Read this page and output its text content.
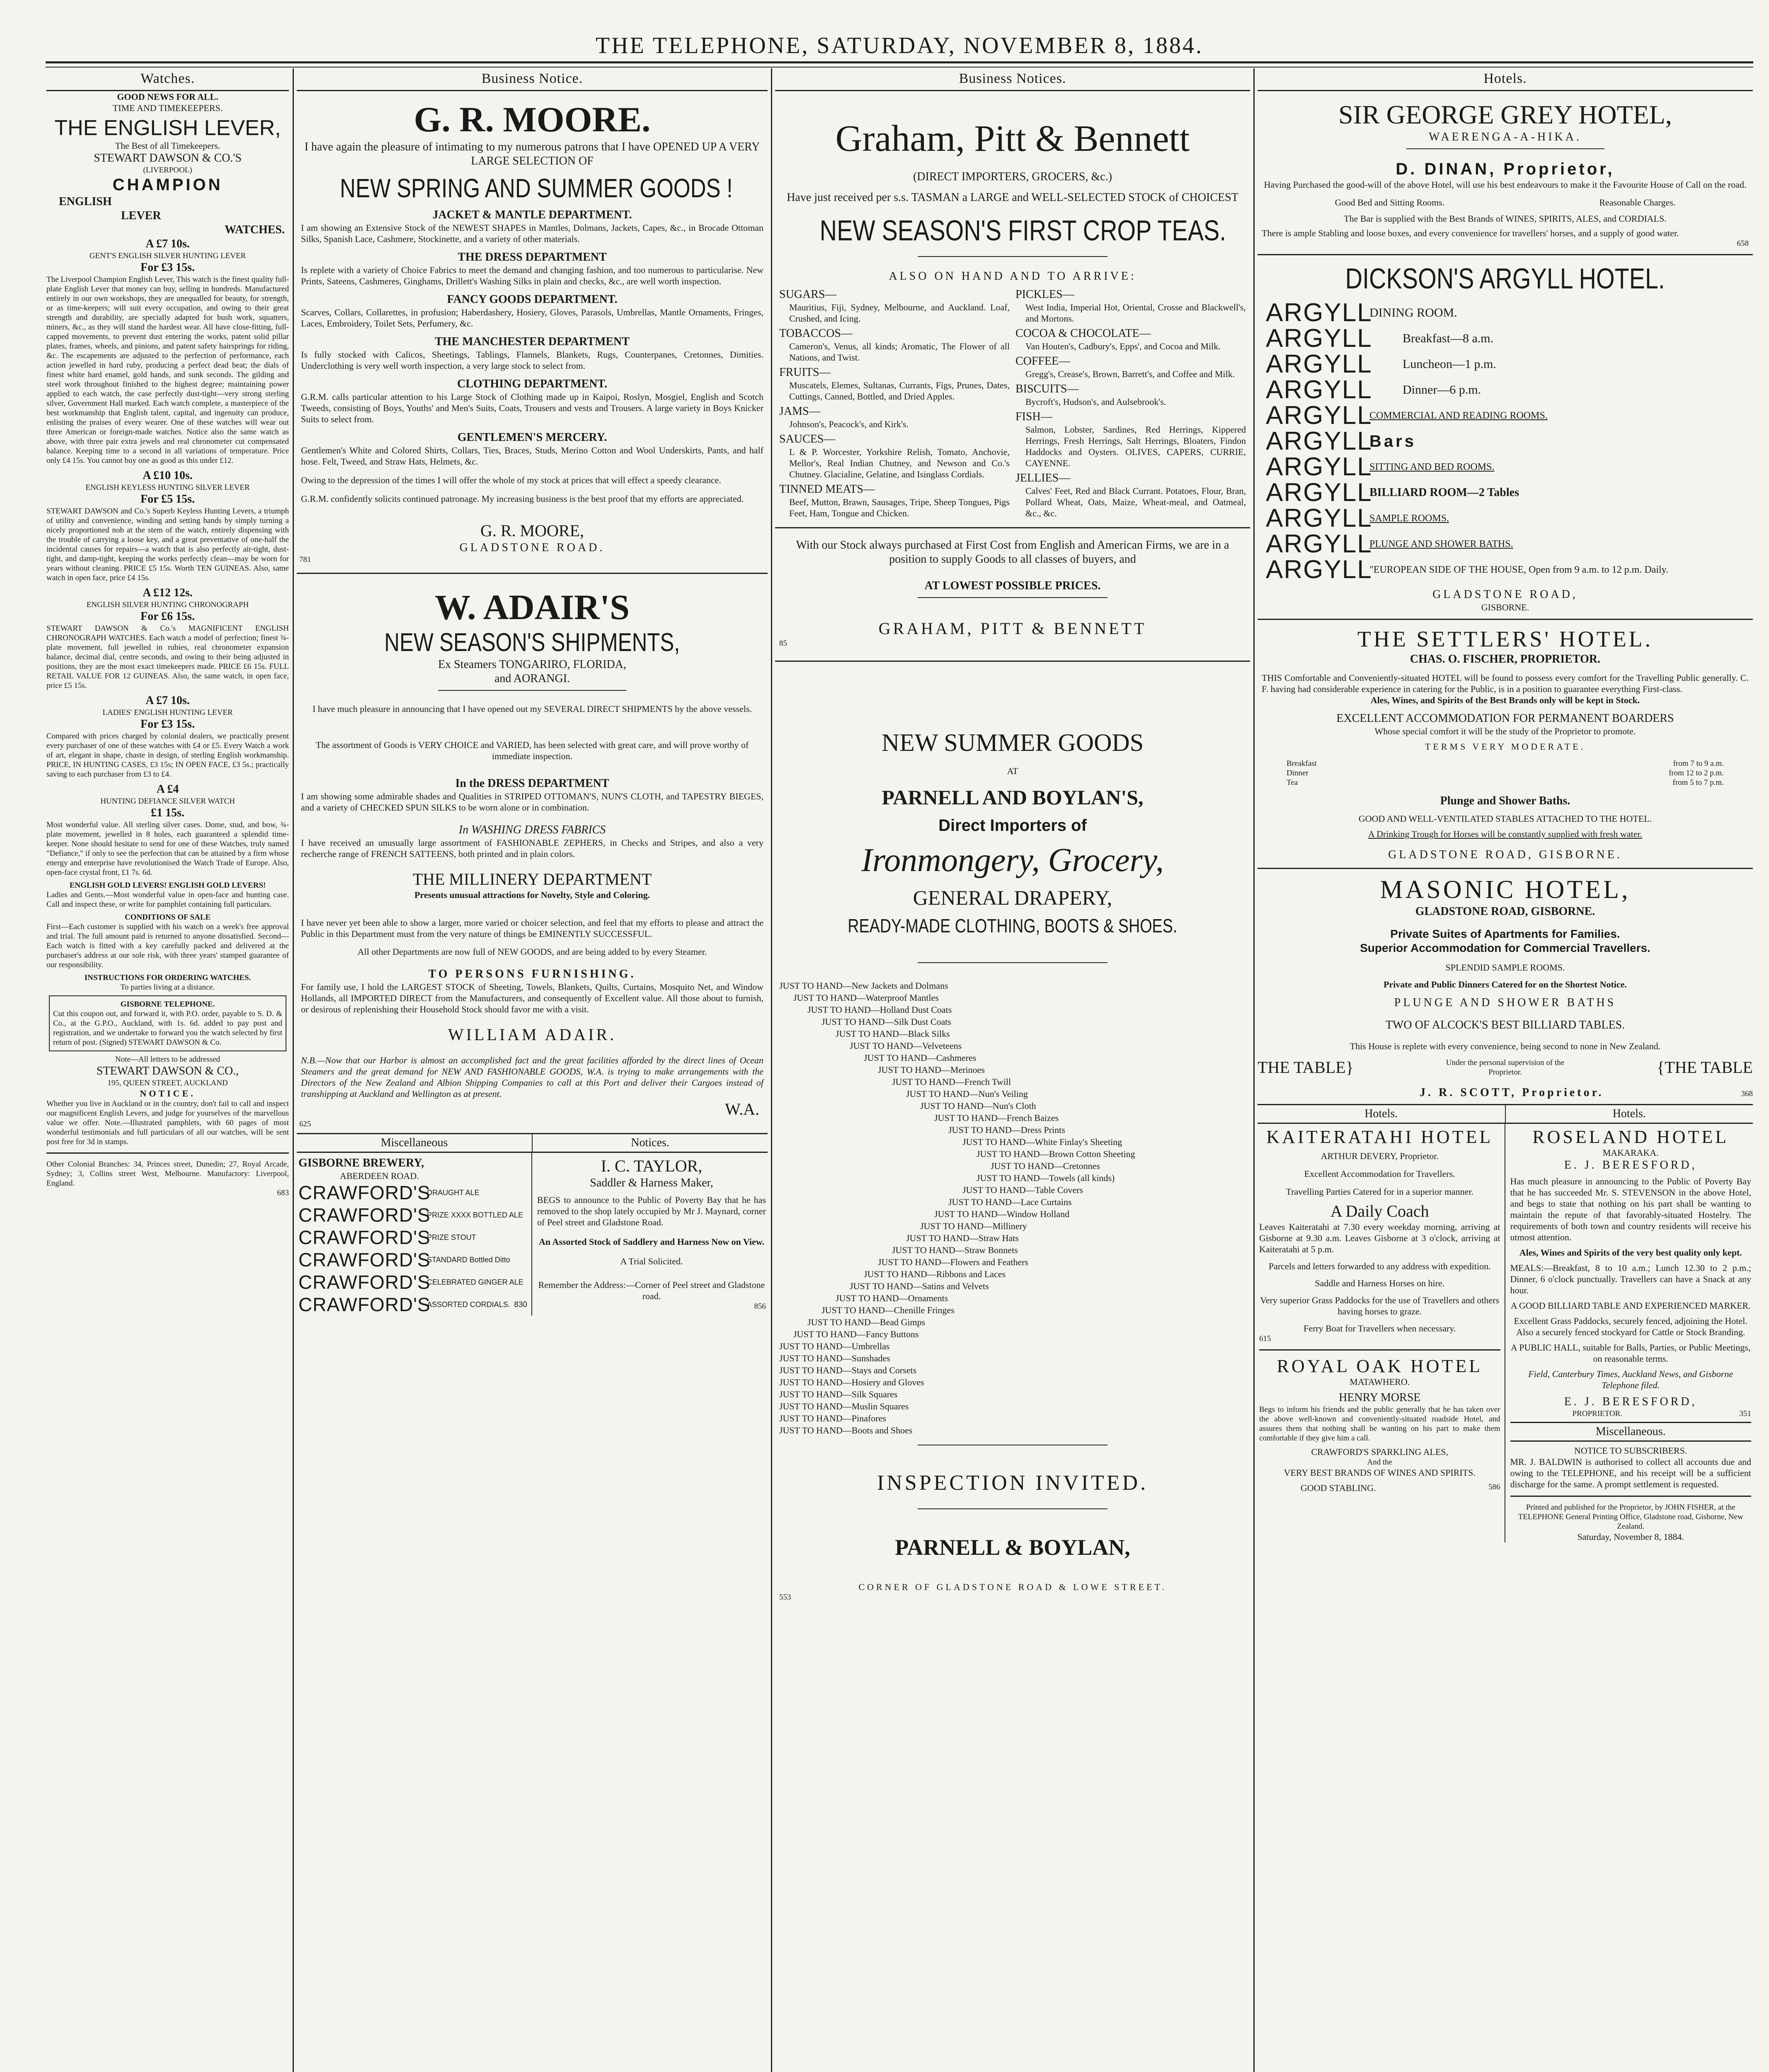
THE TELEPHONE, SATURDAY, NOVEMBER 8, 1884.
Watches.
GOOD NEWS FOR ALL.
TIME AND TIMEKEEPERS.
THE ENGLISH LEVER,
The Best of all Timekeepers.
STEWART DAWSON & CO.'S
(LIVERPOOL)
CHAMPION
ENGLISH
LEVER
WATCHES.
A £7 10s.
GENT'S ENGLISH SILVER HUNTING LEVER
For £3 15s.
The Liverpool Champion English Lever, This watch is the finest quality full-plate English Lever that money can buy, selling in hundreds. Manufactured entirely in our own workshops, they are unequalled for beauty, for strength, or as time-keepers; will suit every occupation, and owing to their great strength and durability, are specially adapted for bush work, squatters, miners, &c., as they will stand the hardest wear. All have close-fitting, full-capped movements, to prevent dust entering the works, patent solid pillar plates, frames, wheels, and pinions, and patent safety hairsprings for riding, &c. The escapements are adjusted to the perfection of performance, each action jewelled in hard ruby, producing a perfect dead beat; the dials of finest white hard enamel, gold hands, and sunk seconds. The gilding and steel work throughout finished to the highest degree; maintaining power applied to each watch, the case perfectly dust-tight—very strong sterling silver, Government Hall marked. Each watch complete, a masterpiece of the best workmanship that English talent, capital, and ingenuity can produce, enlisting the praises of every wearer. One of these watches will wear out three American or foreign-made watches. Notice also the same watch as above, with three pair extra jewels and real chronometer cut compensated balance. Keeping time to a second in all variations of temperature. Price only £4 15s. You cannot buy one as good as this under £12.
A £10 10s.
ENGLISH KEYLESS HUNTING SILVER LEVER
For £5 15s.
STEWART DAWSON and Co.'s Superb Keyless Hunting Levers, a triumph of utility and convenience, winding and setting hands by simply turning a nicely proportioned nob at the stem of the watch, entirely dispensing with the trouble of carrying a loose key, and a great preventative of one-half the incidental causes for repairs—a watch that is also perfectly air-tight, dust-tight, and damp-tight, keeping the works perfectly clean—may be worn for years without cleaning. PRICE £5 15s. Worth TEN GUINEAS. Also, same watch in open face, price £4 15s.
A £12 12s.
ENGLISH SILVER HUNTING CHRONOGRAPH
For £6 15s.
STEWART DAWSON & Co.'s MAGNIFICENT ENGLISH CHRONOGRAPH WATCHES. Each watch a model of perfection; finest ¾-plate movement, full jewelled in rubies, real chronometer expansion balance, decimal dial, centre seconds, and owing to their being adjusted in positions, they are the most exact timekeepers made. PRICE £6 15s. FULL RETAIL VALUE FOR 12 GUINEAS. Also, the same watch, in open face, price £5 15s.
A £7 10s.
LADIES' ENGLISH HUNTING LEVER
For £3 15s.
Compared with prices charged by colonial dealers, we practically present every purchaser of one of these watches with £4 or £5. Every Watch a work of art, elegant in shape, chaste in design, of sterling English workmanship. PRICE, IN HUNTING CASES, £3 15s; IN OPEN FACE, £3 5s.; practically saving to each purchaser from £3 to £4.
A £4
HUNTING DEFIANCE SILVER WATCH
£1 15s.
Most wonderful value. All sterling silver cases. Dome, stud, and bow, ¾-plate movement, jewelled in 8 holes, each guaranteed a splendid time-keeper. None should hesitate to send for one of these Watches, truly named "Defiance," if only to see the perfection that can be attained by a firm whose energy and enterprise have revolutionised the Watch Trade of Europe. Also, open-face crystal front, £1 7s. 6d.
ENGLISH GOLD LEVERS! ENGLISH GOLD LEVERS!
Ladies and Gents.—Most wonderful value in open-face and hunting case. Call and inspect these, or write for pamphlet containing full particulars.
CONDITIONS OF SALE
First—Each customer is supplied with his watch on a week's free approval and trial. The full amount paid is returned to anyone dissatisfied. Second—Each watch is fitted with a key carefully packed and delivered at the purchaser's address at our sole risk, with three years' stamped guarantee of our responsibility.
INSTRUCTIONS FOR ORDERING WATCHES.
To parties living at a distance.
GISBORNE TELEPHONE.
Cut this coupon out, and forward it, with P.O. order, payable to S. D. & Co., at the G.P.O., Auckland, with 1s. 6d. added to pay post and registration, and we undertake to forward you the watch selected by first return of post. (Signed) STEWART DAWSON & Co.
Note—All letters to be addressed
STEWART DAWSON & CO.,
195, QUEEN STREET, AUCKLAND
NOTICE.
Whether you live in Auckland or in the country, don't fail to call and inspect our magnificent English Levers, and judge for yourselves of the marvellous value we offer. Note.—Illustrated pamphlets, with 60 pages of most wonderful testimonials and full particulars of all our watches, will be sent post free for 3d in stamps.
Other Colonial Branches: 34, Princes street, Dunedin; 27, Royal Arcade, Sydney; 3, Collins street West, Melbourne. Manufactory: Liverpool, England.
683
Business Notice.
G. R. MOORE.
I have again the pleasure of intimating to my numerous patrons that I have OPENED UP A VERY LARGE SELECTION OF
NEW SPRING AND SUMMER GOODS !
JACKET & MANTLE DEPARTMENT.
I am showing an Extensive Stock of the NEWEST SHAPES in Mantles, Dolmans, Jackets, Capes, &c., in Brocade Ottoman Silks, Spanish Lace, Cashmere, Stockinette, and a variety of other materials.
THE DRESS DEPARTMENT
Is replete with a variety of Choice Fabrics to meet the demand and changing fashion, and too numerous to particularise. New Prints, Sateens, Cashmeres, Ginghams, Drillett's Washing Silks in plain and checks, &c., are well worth inspection.
FANCY GOODS DEPARTMENT.
Scarves, Collars, Collarettes, in profusion; Haberdashery, Hosiery, Gloves, Parasols, Umbrellas, Mantle Ornaments, Fringes, Laces, Embroidery, Toilet Sets, Perfumery, &c.
THE MANCHESTER DEPARTMENT
Is fully stocked with Calicos, Sheetings, Tablings, Flannels, Blankets, Rugs, Counterpanes, Cretonnes, Dimities. Underclothing is very well worth inspection, a very large stock to select from.
CLOTHING DEPARTMENT.
G.R.M. calls particular attention to his Large Stock of Clothing made up in Kaipoi, Roslyn, Mosgiel, English and Scotch Tweeds, consisting of Boys, Youths' and Men's Suits, Coats, Trousers and vests and Trousers. A large variety in Boys Knicker Suits to select from.
GENTLEMEN'S MERCERY.
Gentlemen's White and Colored Shirts, Collars, Ties, Braces, Studs, Merino Cotton and Wool Underskirts, Pants, and half hose. Felt, Tweed, and Straw Hats, Helmets, &c.
Owing to the depression of the times I will offer the whole of my stock at prices that will effect a speedy clearance.
G.R.M. confidently solicits continued patronage. My increasing business is the best proof that my efforts are appreciated.
G. R. MOORE,
GLADSTONE ROAD.
781
W. ADAIR'S
NEW SEASON'S SHIPMENTS,
Ex Steamers TONGARIRO, FLORIDA,
and AORANGI.
I have much pleasure in announcing that I have opened out my SEVERAL DIRECT SHIPMENTS by the above vessels.
The assortment of Goods is VERY CHOICE and VARIED, has been selected with great care, and will prove worthy of immediate inspection.
In the DRESS DEPARTMENT
I am showing some admirable shades and Qualities in STRIPED OTTOMAN'S, NUN'S CLOTH, and TAPESTRY BIEGES, and a variety of CHECKED SPUN SILKS to be worn alone or in combination.
In WASHING DRESS FABRICS
I have received an unusually large assortment of FASHIONABLE ZEPHERS, in Checks and Stripes, and also a very recherche range of FRENCH SATTEENS, both printed and in plain colors.
THE MILLINERY DEPARTMENT
Presents unusual attractions for Novelty, Style and Coloring.
I have never yet been able to show a larger, more varied or choicer selection, and feel that my efforts to please and attract the Public in this Department must from the very nature of things be EMINENTLY SUCCESSFUL.
All other Departments are now full of NEW GOODS, and are being added to by every Steamer.
TO PERSONS FURNISHING.
For family use, I hold the LARGEST STOCK of Sheeting, Towels, Blankets, Quilts, Curtains, Mosquito Net, and Window Hollands, all IMPORTED DIRECT from the Manufacturers, and consequently of Excellent value. All those about to furnish, or desirous of replenishing their Household Stock should favor me with a visit.
WILLIAM ADAIR.
N.B.—Now that our Harbor is almost an accomplished fact and the great facilities afforded by the direct lines of Ocean Steamers and the great demand for NEW AND FASHIONABLE GOODS, W.A. is trying to make arrangements with the Directors of the New Zealand and Albion Shipping Companies to call at this Port and deliver their Cargoes instead of transhipping at Auckland and Wellington as at present.
W.A.
625
Miscellaneous	Notices.
GISBORNE BREWERY,
ABERDEEN ROAD.
CRAWFORD'S
DRAUGHT ALE
CRAWFORD'S
PRIZE XXXX BOTTLED ALE
CRAWFORD'S
PRIZE STOUT
CRAWFORD'S
STANDARD Bottled Ditto
CRAWFORD'S
CELEBRATED GINGER ALE
CRAWFORD'S
ASSORTED CORDIALS. 830
I. C. TAYLOR,
Saddler & Harness Maker,
BEGS to announce to the Public of Poverty Bay that he has removed to the shop lately occupied by Mr J. Maynard, corner of Peel street and Gladstone Road.
An Assorted Stock of Saddlery and Harness Now on View.
A Trial Solicited.
Remember the Address:—Corner of Peel street and Gladstone road.
856
Business Notices.
Graham, Pitt & Bennett
(DIRECT IMPORTERS, GROCERS, &c.)
Have just received per s.s. TASMAN a LARGE and WELL-SELECTED STOCK of CHOICEST
NEW SEASON'S FIRST CROP TEAS.
ALSO ON HAND AND TO ARRIVE:
SUGARS—
Mauritius, Fiji, Sydney, Melbourne, and Auckland. Loaf, Crushed, and Icing.
TOBACCOS—
Cameron's, Venus, all kinds; Aromatic, The Flower of all Nations, and Twist.
FRUITS—
Muscatels, Elemes, Sultanas, Currants, Figs, Prunes, Dates, Cuttings, Canned, Bottled, and Dried Apples.
JAMS—
Johnson's, Peacock's, and Kirk's.
SAUCES—
L & P. Worcester, Yorkshire Relish, Tomato, Anchovie, Mellor's, Real Indian Chutney, and Newson and Co.'s Chutney. Glacialine, Gelatine, and Isinglass Cordials.
TINNED MEATS—
Beef, Mutton, Brawn, Sausages, Tripe, Sheep Tongues, Pigs Feet, Ham, Tongue and Chicken.
PICKLES—
West India, Imperial Hot, Oriental, Crosse and Blackwell's, and Mortons.
COCOA & CHOCOLATE—
Van Houten's, Cadbury's, Epps', and Cocoa and Milk.
COFFEE—
Gregg's, Crease's, Brown, Barrett's, and Coffee and Milk.
BISCUITS—
Bycroft's, Hudson's, and Aulsebrook's.
FISH—
Salmon, Lobster, Sardines, Red Herrings, Kippered Herrings, Fresh Herrings, Salt Herrings, Bloaters, Findon Haddocks and Oysters. OLIVES, CAPERS, CURRIE, CAYENNE.
JELLIES—
Calves' Feet, Red and Black Currant. Potatoes, Flour, Bran, Pollard Wheat, Oats, Maize, Wheat-meal, and Oatmeal, &c., &c.
With our Stock always purchased at First Cost from English and American Firms, we are in a position to supply Goods to all classes of buyers, and
AT LOWEST POSSIBLE PRICES.
GRAHAM, PITT & BENNETT
85
NEW SUMMER GOODS
AT
PARNELL AND BOYLAN'S,
Direct Importers of
Ironmongery, Grocery,
GENERAL DRAPERY,
READY-MADE CLOTHING, BOOTS & SHOES.
JUST TO HAND—New Jackets and Dolmans
JUST TO HAND—Waterproof Mantles
JUST TO HAND—Holland Dust Coats
JUST TO HAND—Silk Dust Coats
JUST TO HAND—Black Silks
JUST TO HAND—Velveteens
JUST TO HAND—Cashmeres
JUST TO HAND—Merinoes
JUST TO HAND—French Twill
JUST TO HAND—Nun's Veiling
JUST TO HAND—Nun's Cloth
JUST TO HAND—French Baizes
JUST TO HAND—Dress Prints
JUST TO HAND—White Finlay's Sheeting
JUST TO HAND—Brown Cotton Sheeting
JUST TO HAND—Cretonnes
JUST TO HAND—Towels (all kinds)
JUST TO HAND—Table Covers
JUST TO HAND—Lace Curtains
JUST TO HAND—Window Holland
JUST TO HAND—Millinery
JUST TO HAND—Straw Hats
JUST TO HAND—Straw Bonnets
JUST TO HAND—Flowers and Feathers
JUST TO HAND—Ribbons and Laces
JUST TO HAND—Satins and Velvets
JUST TO HAND—Ornaments
JUST TO HAND—Chenille Fringes
JUST TO HAND—Bead Gimps
JUST TO HAND—Fancy Buttons
JUST TO HAND—Umbrellas
JUST TO HAND—Sunshades
JUST TO HAND—Stays and Corsets
JUST TO HAND—Hosiery and Gloves
JUST TO HAND—Silk Squares
JUST TO HAND—Muslin Squares
JUST TO HAND—Pinafores
JUST TO HAND—Boots and Shoes
INSPECTION INVITED.
PARNELL & BOYLAN,
CORNER OF GLADSTONE ROAD & LOWE STREET.
553
Hotels.
SIR GEORGE GREY HOTEL,
WAERENGA-A-HIKA.
D. DINAN, Proprietor,
Having Purchased the good-will of the above Hotel, will use his best endeavours to make it the Favourite House of Call on the road.
Good Bed and Sitting Rooms.	Reasonable Charges.
The Bar is supplied with the Best Brands of WINES, SPIRITS, ALES, and CORDIALS.
There is ample Stabling and loose boxes, and every convenience for travellers' horses, and a supply of good water.
658
DICKSON'S ARGYLL HOTEL.
ARGYLL
DINING ROOM.
ARGYLL	Breakfast—8 a.m.
ARGYLL	Luncheon—1 p.m.
ARGYLL	Dinner—6 p.m.
ARGYLL
COMMERCIAL AND READING ROOMS.
ARGYLL
Bars
ARGYLL
SITTING AND BED ROOMS.
ARGYLL
BILLIARD ROOM—2 Tables
ARGYLL
SAMPLE ROOMS.
ARGYLL
PLUNGE AND SHOWER BATHS.
ARGYLL
"EUROPEAN SIDE OF THE HOUSE, Open from 9 a.m. to 12 p.m. Daily.
GLADSTONE ROAD,
GISBORNE.
THE SETTLERS' HOTEL.
CHAS. O. FISCHER, PROPRIETOR.
THIS Comfortable and Conveniently-situated HOTEL will be found to possess every comfort for the Travelling Public generally. C. F. having had considerable experience in catering for the Public, is in a position to guarantee everything First-class.
Ales, Wines, and Spirits of the Best Brands only will be kept in Stock.
EXCELLENT ACCOMMODATION FOR PERMANENT BOARDERS
Whose special comfort it will be the study of the Proprietor to promote.
TERMS VERY MODERATE.
Breakfast	from 7 to 9 a.m.
Dinner	from 12 to 2 p.m.
Tea	from 5 to 7 p.m.
Plunge and Shower Baths.
GOOD AND WELL-VENTILATED STABLES ATTACHED TO THE HOTEL.
A Drinking Trough for Horses will be constantly supplied with fresh water.
GLADSTONE ROAD, GISBORNE.
MASONIC HOTEL,
GLADSTONE ROAD, GISBORNE.
Private Suites of Apartments for Families.
Superior Accommodation for Commercial Travellers.
SPLENDID SAMPLE ROOMS.
Private and Public Dinners Catered for on the Shortest Notice.
PLUNGE AND SHOWER BATHS
TWO OF ALCOCK'S BEST BILLIARD TABLES.
This House is replete with every convenience, being second to none in New Zealand.
THE TABLE}	Under the personal supervision of the Proprietor.	{THE TABLE
J. R. SCOTT, Proprietor.	368
Hotels.	Hotels.
KAITERATAHI HOTEL
ARTHUR DEVERY, Proprietor.
Excellent Accommodation for Travellers.
Travelling Parties Catered for in a superior manner.
A Daily Coach
Leaves Kaiteratahi at 7.30 every weekday morning, arriving at Gisborne at 9.30 a.m. Leaves Gisborne at 3 o'clock, arriving at Kaiteratahi at 5 p.m.
Parcels and letters forwarded to any address with expedition.
Saddle and Harness Horses on hire.
Very superior Grass Paddocks for the use of Travellers and others having horses to graze.
Ferry Boat for Travellers when necessary.
615
ROYAL OAK HOTEL
MATAWHERO.
HENRY MORSE
Begs to inform his friends and the public generally that he has taken over the above well-known and conveniently-situated roadside Hotel, and assures them that nothing shall be wanting on his part to make them comfortable if they give him a call.
CRAWFORD'S SPARKLING ALES,
And the
VERY BEST BRANDS OF WINES AND SPIRITS.
GOOD STABLING.	586
ROSELAND HOTEL
MAKARAKA.
E. J. BERESFORD,
Has much pleasure in announcing to the Public of Poverty Bay that he has succeeded Mr. S. STEVENSON in the above Hotel, and begs to state that nothing on his part shall be wanting to maintain the repute of that favorably-situated Hostelry. The requirements of both town and country residents will receive his utmost attention.
Ales, Wines and Spirits of the very best quality only kept.
MEALS:—Breakfast, 8 to 10 a.m.; Lunch 12.30 to 2 p.m.; Dinner, 6 o'clock punctually. Travellers can have a Snack at any hour.
A GOOD BILLIARD TABLE AND EXPERIENCED MARKER.
Excellent Grass Paddocks, securely fenced, adjoining the Hotel. Also a securely fenced stockyard for Cattle or Stock Branding.
A PUBLIC HALL, suitable for Balls, Parties, or Public Meetings, on reasonable terms.
Field, Canterbury Times, Auckland News, and Gisborne Telephone filed.
E. J. BERESFORD,
PROPRIETOR.	351
Miscellaneous.
NOTICE TO SUBSCRIBERS.
MR. J. BALDWIN is authorised to collect all accounts due and owing to the TELEPHONE, and his receipt will be a sufficient discharge for the same. A prompt settlement is requested.
Printed and published for the Proprietor, by JOHN FISHER, at the TELEPHONE General Printing Office, Gladstone road, Gisborne, New Zealand.
Saturday, November 8, 1884.
